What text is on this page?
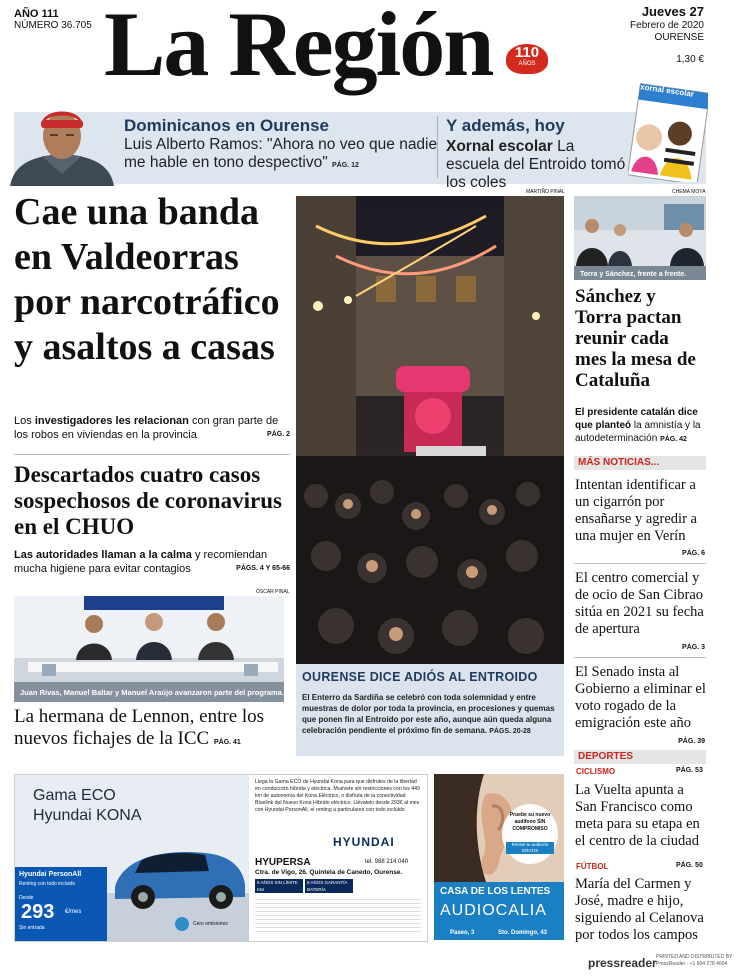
AÑO 111
NÚMERO 36.705 La Región	110
AÑOS
Jueves 27
Febrero de 2020
OURENSE
1,30 €
Dominicanos en Ourense
Luis Alberto Ramos: "Ahora no veo que nadie me hable en tono despectivo" PÁG. 12
Y además, hoy
Xornal escolar La escuela del Entroido tomó los coles
xornal escolar
Cae una banda en Valdeorras por narcotráfico y asaltos a casas
Los investigadores les relacionan con gran parte de los robos en viviendas en la provincia	PÁG. 2
Descartados cuatro casos sospechosos de coronavirus en el CHUO
Las autoridades llaman a la calma y recomiendan mucha higiene para evitar contagios	PÁGS. 4 Y 65-66
ÓSCAR PINAL
Juan Rivas, Manuel Baltar y Manuel Araújo avanzaron parte del programa.
La hermana de Lennon, entre los nuevos fichajes de la ICC PÁG. 41
MARTIÑO PINAL
OURENSE DICE ADIÓS AL ENTROIDO
El Enterro da Sardiña se celebró con toda solemnidad y entre muestras de dolor por toda la provincia, en procesiones y quemas que ponen fin al Entroido por este año, aunque aún queda alguna celebración pendiente el próximo fin de semana. PÁGS. 20-28
CHEMA MOYA
Torra y Sánchez, frente a frente.
Sánchez y Torra pactan reunir cada mes la mesa de Cataluña
El presidente catalán dice que planteó la amnistía y la autodeterminación PÁG. 42
MÁS NOTICIAS...
Intentan identificar a un cigarrón por ensañarse y agredir a una mujer en Verín
PÁG. 6
El centro comercial y de ocio de San Cibrao sitúa en 2021 su fecha de apertura
PÁG. 3
El Senado insta al Gobierno a eliminar el voto rogado de la emigración este año
PÁG. 39
DEPORTES
CICLISMO	PÁG. 53
La Vuelta apunta a San Francisco como meta para su etapa en el centro de la ciudad
FÚTBOL	PÁG. 50
María del Carmen y José, madre e hijo, siguiendo al Celanova por todos los campos
Gama ECO
Hyundai KONA
Hyundai PersonAll
Renting con todo incluido
Desde
293 €/mes
Sin entrada
Cero emisiones
Llega la Gama ECO de Hyundai Kona para que disfrutes de la libertad en conducción híbrida y eléctrica. Muévete sin restricciones con los 449 km de autonomía del Kona Eléctrico, o disfruta de la conectividad Bluelink del Nuevo Kona Híbrido eléctrico. Llévatelo desde 293€ al mes con Hyundai PersonAll, el renting a particulares con todo incluido.
HYUNDAI
HYUPERSA	tel. 988 214 040
Ctra. de Vigo, 26. Quintela de Canedo, Ourense.
5 AÑOS SIN LÍMITE KM
8 AÑOS GARANTÍA BATERÍA
Pruebe su nuevo audífono SIN COMPROMISO
Revise tu audición GRATIS
CASA DE LOS LENTES
AUDIOCALIA
Paseo, 3	Sto. Domingo, 43
pressreader PRINTED AND DISTRIBUTED BY PressReader · +1 604 278 4604
